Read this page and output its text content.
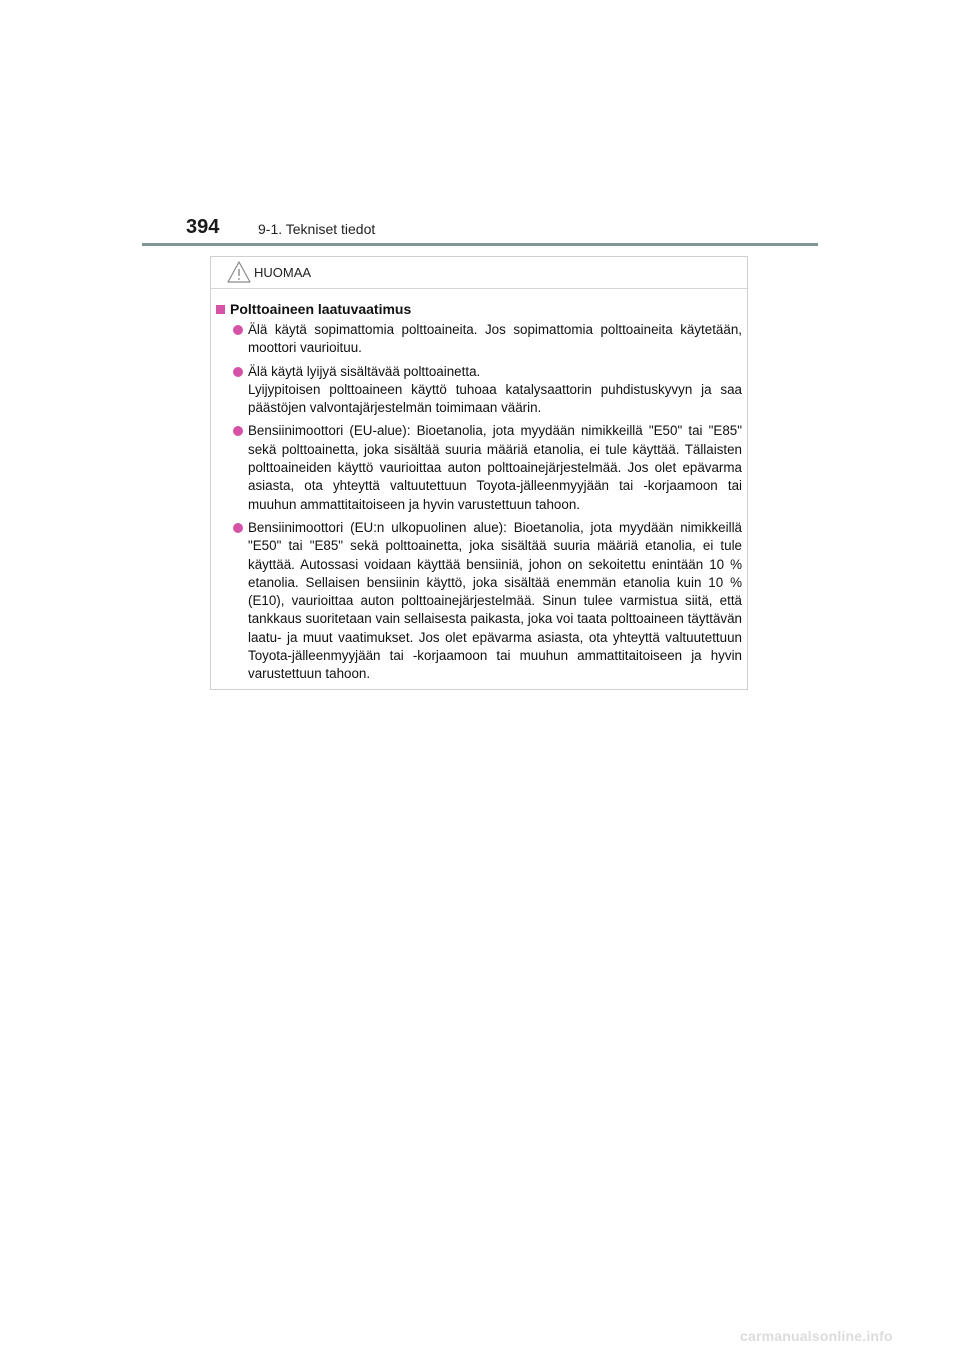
394	9-1. Tekniset tiedot
HUOMAA
Polttoaineen laatuvaatimus
Älä käytä sopimattomia polttoaineita. Jos sopimattomia polttoaineita käytetään, moottori vaurioituu.
Älä käytä lyijyä sisältävää polttoainetta.
Lyijypitoisen polttoaineen käyttö tuhoaa katalysaattorin puhdistuskyvyn ja saa päästöjen valvontajärjestelmän toimimaan väärin.
Bensiinimoottori (EU-alue): Bioetanolia, jota myydään nimikkeillä "E50" tai "E85" sekä polttoainetta, joka sisältää suuria määriä etanolia, ei tule käyttää. Tällaisten polttoaineiden käyttö vaurioittaa auton polttoainejärjestelmää. Jos olet epävarma asiasta, ota yhteyttä valtuutettuun Toyota-jälleenmyyjään tai -korjaamoon tai muuhun ammattitaitoiseen ja hyvin varustettuun tahoon.
Bensiinimoottori (EU:n ulkopuolinen alue): Bioetanolia, jota myydään nimikkeillä "E50" tai "E85" sekä polttoainetta, joka sisältää suuria määriä etanolia, ei tule käyttää. Autossasi voidaan käyttää bensiiniä, johon on sekoitettu enintään 10 % etanolia. Sellaisen bensiinin käyttö, joka sisältää enemmän etanolia kuin 10 % (E10), vaurioittaa auton polttoainejärjestelmää. Sinun tulee varmistua siitä, että tankkaus suoritetaan vain sellaisesta paikasta, joka voi taata polttoaineen täyttävän laatu- ja muut vaatimukset. Jos olet epävarma asiasta, ota yhteyttä valtuutettuun Toyota-jälleenmyyjään tai -korjaamoon tai muuhun ammattitaitoiseen ja hyvin varustettuun tahoon.
carmanualsonline.info
